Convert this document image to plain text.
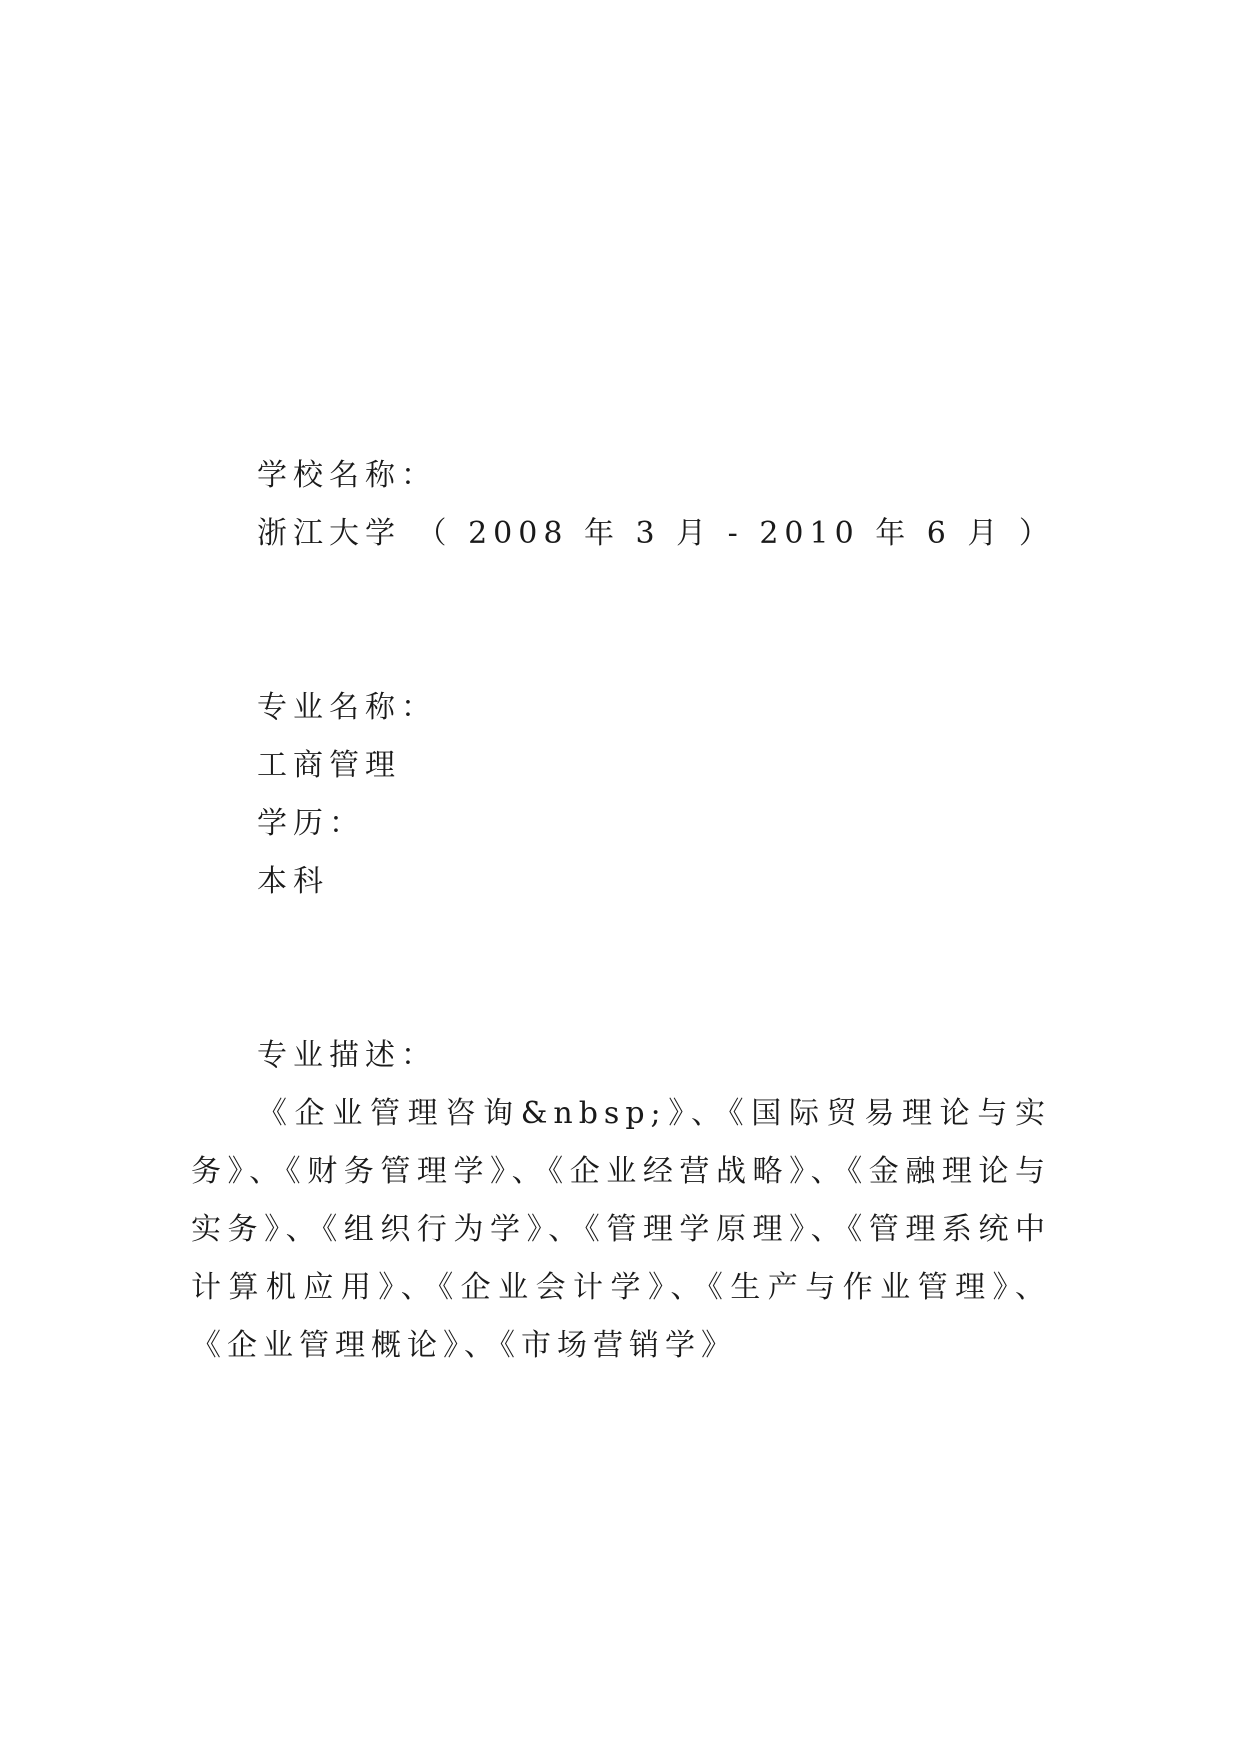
学校名称：
浙江大学 （ 2008 年 3 月 - 2010 年 6 月 ）
专业名称：
工商管理
学历：
本科
专业描述：
《企业管理咨询&nbsp;》、《国际贸易理论与实务》、《财务管理学》、《企业经营战略》、《金融理论与实务》、《组织行为学》、《管理学原理》、《管理系统中计算机应用》、《企业会计学》、《生产与作业管理》、《企业管理概论》、《市场营销学》
